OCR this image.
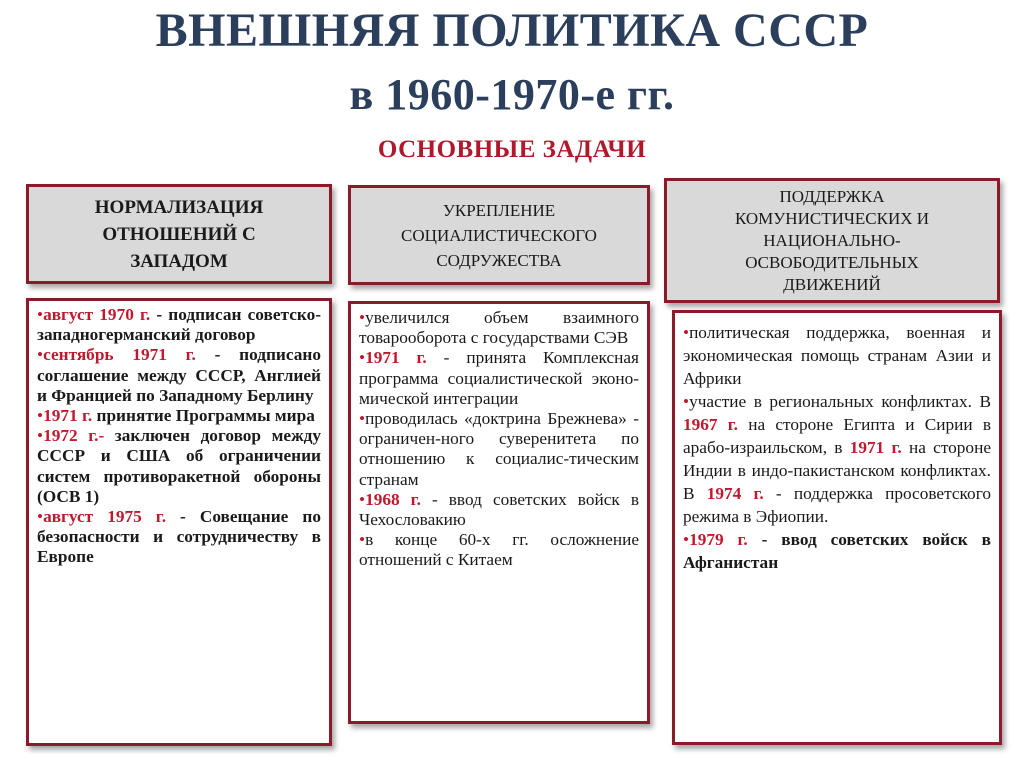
ВНЕШНЯЯ ПОЛИТИКА СССР
в 1960-1970-е гг.
ОСНОВНЫЕ ЗАДАЧИ
НОРМАЛИЗАЦИЯ
ОТНОШЕНИЙ С
ЗАПАДОМ
УКРЕПЛЕНИЕ
СОЦИАЛИСТИЧЕСКОГО
СОДРУЖЕСТВА
ПОДДЕРЖКА
КОМУНИСТИЧЕСКИХ И
НАЦИОНАЛЬНО-
ОСВОБОДИТЕЛЬНЫХ
ДВИЖЕНИЙ

•август 1970 г. - подписан советско-западногерманский договор

•сентябрь 1971 г. - подписано соглашение между СССР, Англией и Францией по Западному Берлину

•1971 г. принятие Программы мира

•1972 г.- заключен договор между СССР и США об ограничении систем противоракетной обороны (ОСВ 1)

•август 1975 г. - Совещание по безопасности и сотрудничеству в Европе

•увеличился объем взаимного товарооборота с государствами СЭВ

•1971 г. - принята Комплексная программа социалистической эконо-мической интеграции

•проводилась «доктрина Брежнева» - ограничен-ного суверенитета по отношению к социалис-тическим странам

•1968 г. - ввод советских войск в Чехословакию

•в конце 60-х гг. осложнение отношений с Китаем

•политическая поддержка, военная и экономическая помощь странам Азии и Африки

•участие в региональных конфликтах. В 1967 г. на стороне Египта и Сирии в арабо-израильском, в 1971 г. на стороне Индии в индо-пакистанском конфликтах. В 1974 г. - поддержка просоветского режима в Эфиопии.

•1979 г. - ввод советских войск в Афганистан
